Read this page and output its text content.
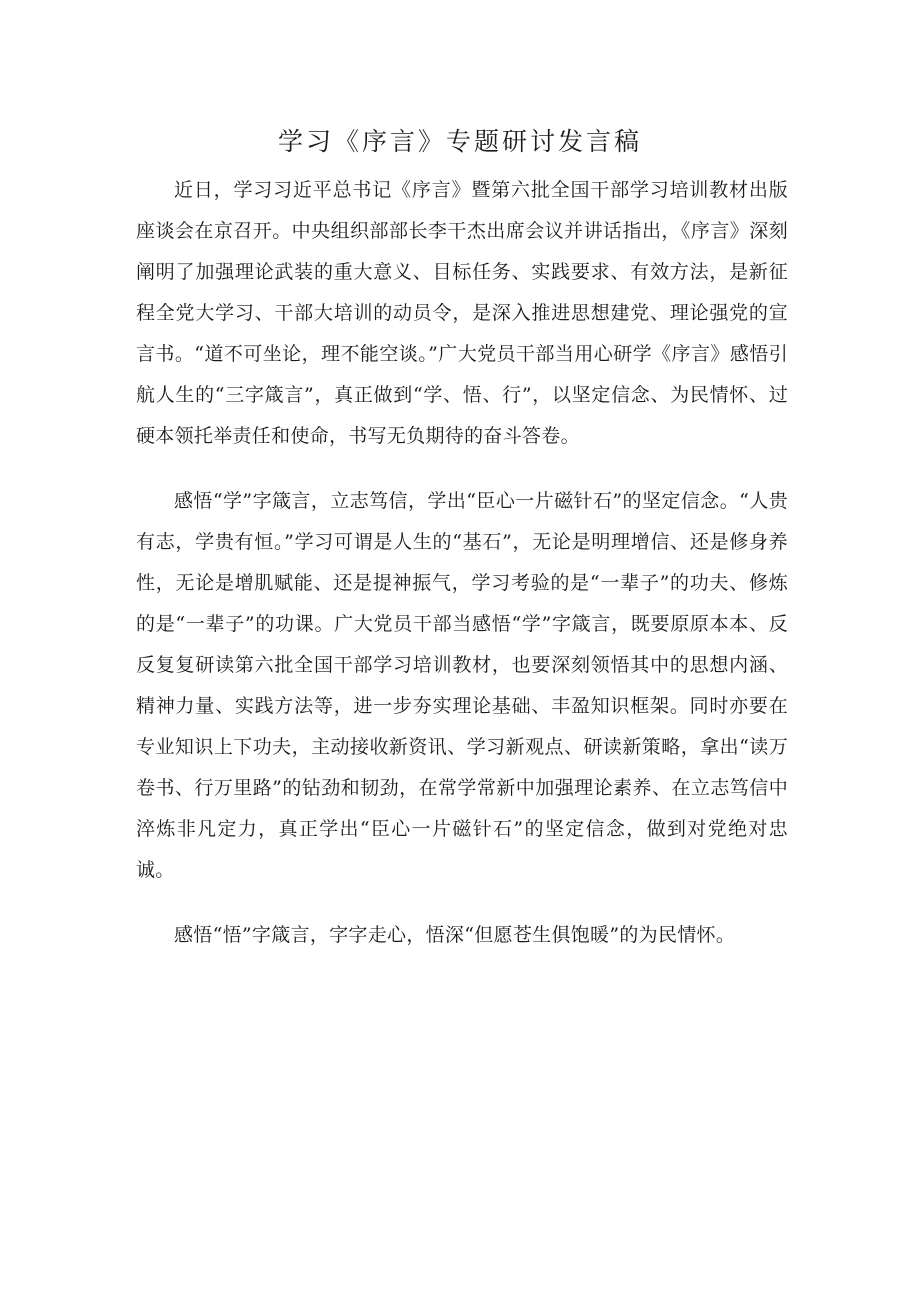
学习《序言》专题研讨发言稿

近日，学习习近平总书记《序言》暨第六批全国干部学习培训教材出版座谈会在京召开。中央组织部部长李干杰出席会议并讲话指出，《序言》深刻阐明了加强理论武装的重大意义、目标任务、实践要求、有效方法，是新征程全党大学习、干部大培训的动员令，是深入推进思想建党、理论强党的宣言书。“道不可坐论，理不能空谈。”广大党员干部当用心研学《序言》感悟引航人生的“三字箴言”，真正做到“学、悟、行”，以坚定信念、为民情怀、过硬本领托举责任和使命，书写无负期待的奋斗答卷。

感悟“学”字箴言，立志笃信，学出“臣心一片磁针石”的坚定信念。“人贵有志，学贵有恒。”学习可谓是人生的“基石”，无论是明理增信、还是修身养性，无论是增肌赋能、还是提神振气，学习考验的是“一辈子”的功夫、修炼的是“一辈子”的功课。广大党员干部当感悟“学”字箴言，既要原原本本、反反复复研读第六批全国干部学习培训教材，也要深刻领悟其中的思想内涵、精神力量、实践方法等，进一步夯实理论基础、丰盈知识框架。同时亦要在专业知识上下功夫，主动接收新资讯、学习新观点、研读新策略，拿出“读万卷书、行万里路”的钻劲和韧劲，在常学常新中加强理论素养、在立志笃信中淬炼非凡定力，真正学出“臣心一片磁针石”的坚定信念，做到对党绝对忠诚。

感悟“悟”字箴言，字字走心，悟深“但愿苍生俱饱暖”的为民情怀。
